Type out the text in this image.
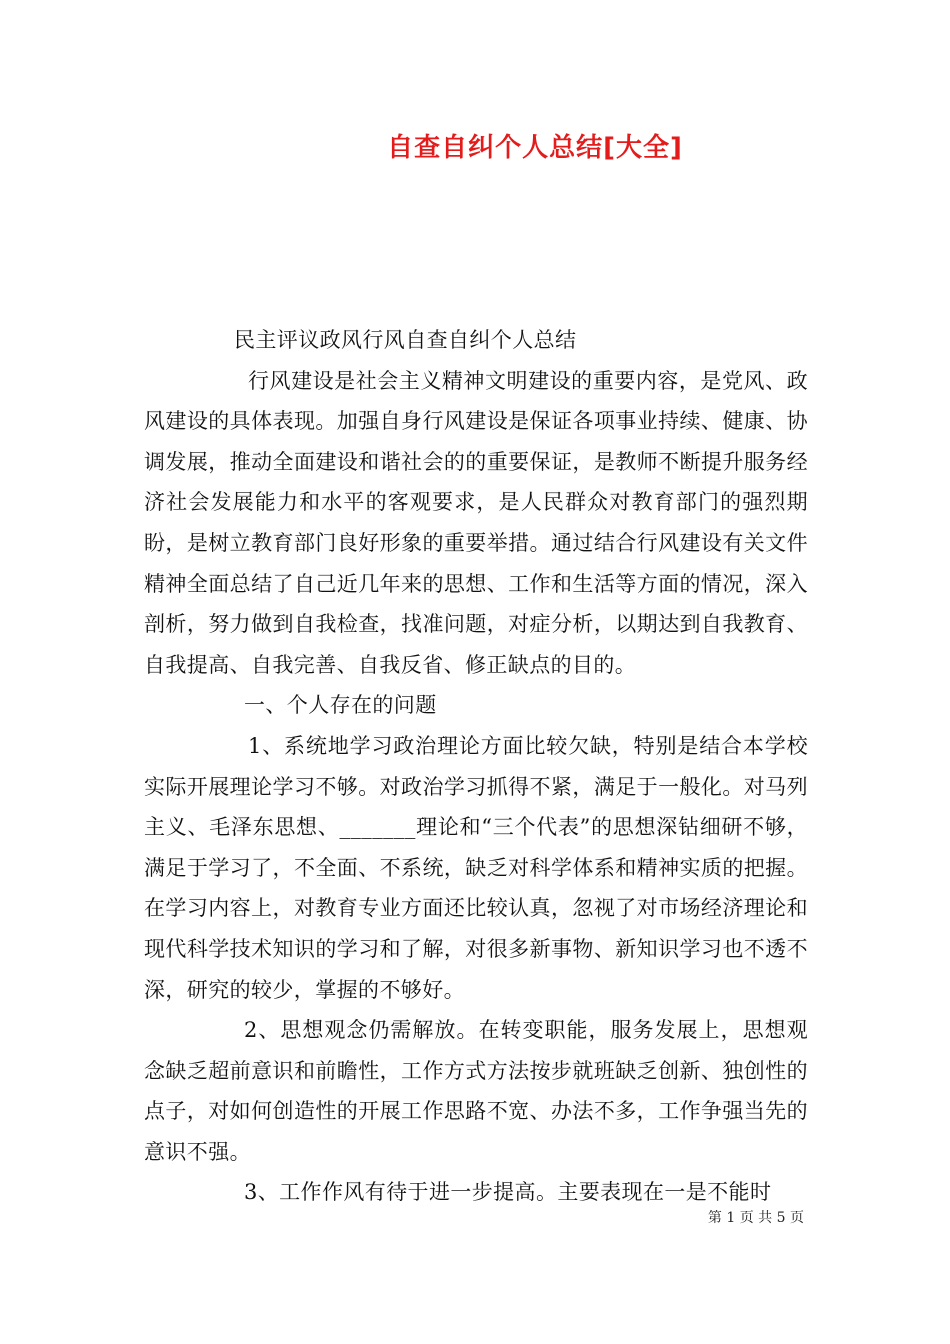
自查自纠个人总结[大全]

民主评议政风行风自查自纠个人总结

行风建设是社会主义精神文明建设的重要内容，是党风、政风建设的具体表现。加强自身行风建设是保证各项事业持续、健康、协调发展，推动全面建设和谐社会的的重要保证，是教师不断提升服务经济社会发展能力和水平的客观要求，是人民群众对教育部门的强烈期盼，是树立教育部门良好形象的重要举措。通过结合行风建设有关文件精神全面总结了自己近几年来的思想、工作和生活等方面的情况，深入剖析，努力做到自我检查，找准问题，对症分析，以期达到自我教育、自我提高、自我完善、自我反省、修正缺点的目的。

一、个人存在的问题

1、系统地学习政治理论方面比较欠缺，特别是结合本学校实际开展理论学习不够。对政治学习抓得不紧，满足于一般化。对马列主义、毛泽东思想、_______理论和“三个代表”的思想深钻细研不够，满足于学习了，不全面、不系统，缺乏对科学体系和精神实质的把握。在学习内容上，对教育专业方面还比较认真，忽视了对市场经济理论和现代科学技术知识的学习和了解，对很多新事物、新知识学习也不透不深，研究的较少，掌握的不够好。

2、思想观念仍需解放。在转变职能，服务发展上，思想观念缺乏超前意识和前瞻性，工作方式方法按步就班缺乏创新、独创性的点子，对如何创造性的开展工作思路不宽、办法不多，工作争强当先的意识不强。

3、工作作风有待于进一步提高。主要表现在一是不能时

第 1 页 共 5 页
